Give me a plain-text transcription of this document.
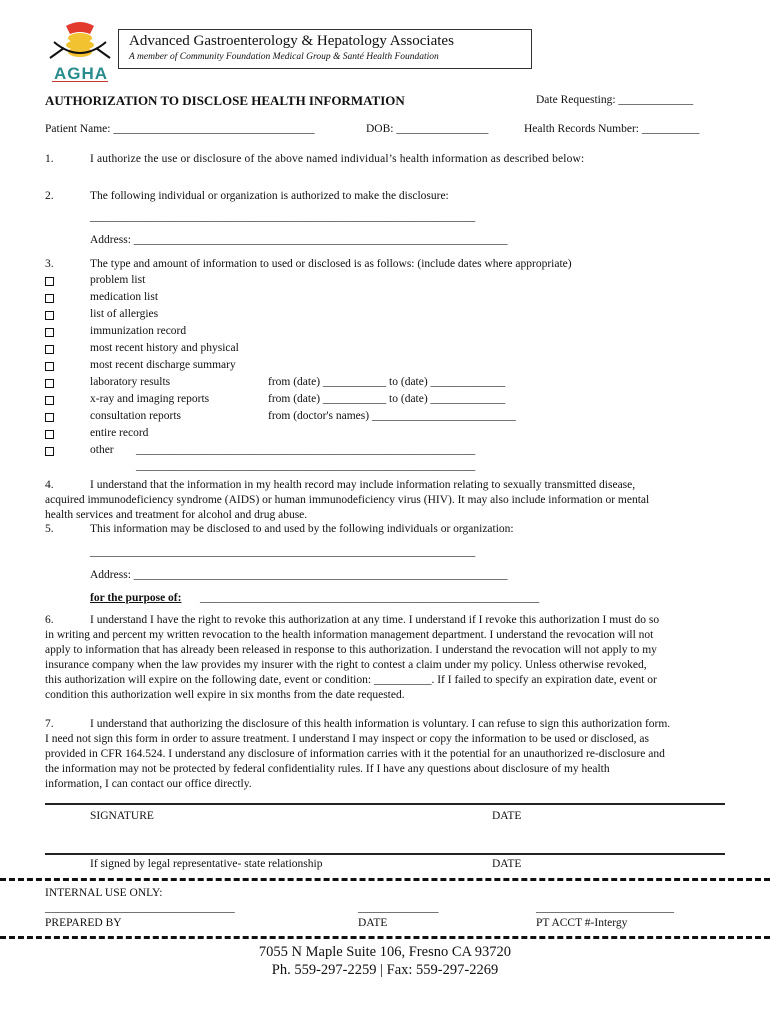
AGHA
Advanced Gastroenterology & Hepatology Associates
A member of Community Foundation Medical Group & Santé Health Foundation
AUTHORIZATION TO DISCLOSE HEALTH INFORMATION	Date Requesting: _____________
Patient Name: ___________________________________	DOB: ________________	Health Records Number: __________
1.	I authorize the use or disclosure of the above named individual’s health information as described below:
2.	The following individual or organization is authorized to make the disclosure:
___________________________________________________________________
Address: _________________________________________________________________
3.	The type and amount of information to used or disclosed is as follows: (include dates where appropriate)
problem list
medication list
list of allergies
immunization record
most recent history and physical
most recent discharge summary
laboratory results	from (date) ___________ to (date) _____________
x-ray and imaging reports	from (date) ___________ to (date) _____________
consultation reports	from (doctor's names) _________________________
entire record
other ___________________________________________________________
___________________________________________________________
4.	I understand that the information in my health record may include information relating to sexually transmitted disease,
acquired immunodeficiency syndrome (AIDS) or human immunodeficiency virus (HIV). It may also include information or mental
health services and treatment for alcohol and drug abuse.
5.	This information may be disclosed to and used by the following individuals or organization:
___________________________________________________________________
Address: _________________________________________________________________
for the purpose of: ___________________________________________________________
6.	I understand I have the right to revoke this authorization at any time. I understand if I revoke this authorization I must do so
in writing and percent my written revocation to the health information management department. I understand the revocation will not
apply to information that has already been released in response to this authorization. I understand the revocation will not apply to my
insurance company when the law provides my insurer with the right to contest a claim under my policy. Unless otherwise revoked,
this authorization will expire on the following date, event or condition: __________. If I failed to specify an expiration date, event or
condition this authorization well expire in six months from the date requested.
7.	I understand that authorizing the disclosure of this health information is voluntary. I can refuse to sign this authorization form.
I need not sign this form in order to assure treatment. I understand I may inspect or copy the information to be used or disclosed, as
provided in CFR 164.524. I understand any disclosure of information carries with it the potential for an unauthorized re-disclosure and
the information may not be protected by federal confidentiality rules. If I have any questions about disclosure of my health
information, I can contact our office directly.
SIGNATURE	DATE
If signed by legal representative- state relationship	DATE
INTERNAL USE ONLY:
_________________________________	______________	________________________
PREPARED BY	DATE	PT ACCT #-Intergy
7055 N Maple Suite 106, Fresno CA 93720
Ph. 559-297-2259 | Fax: 559-297-2269
